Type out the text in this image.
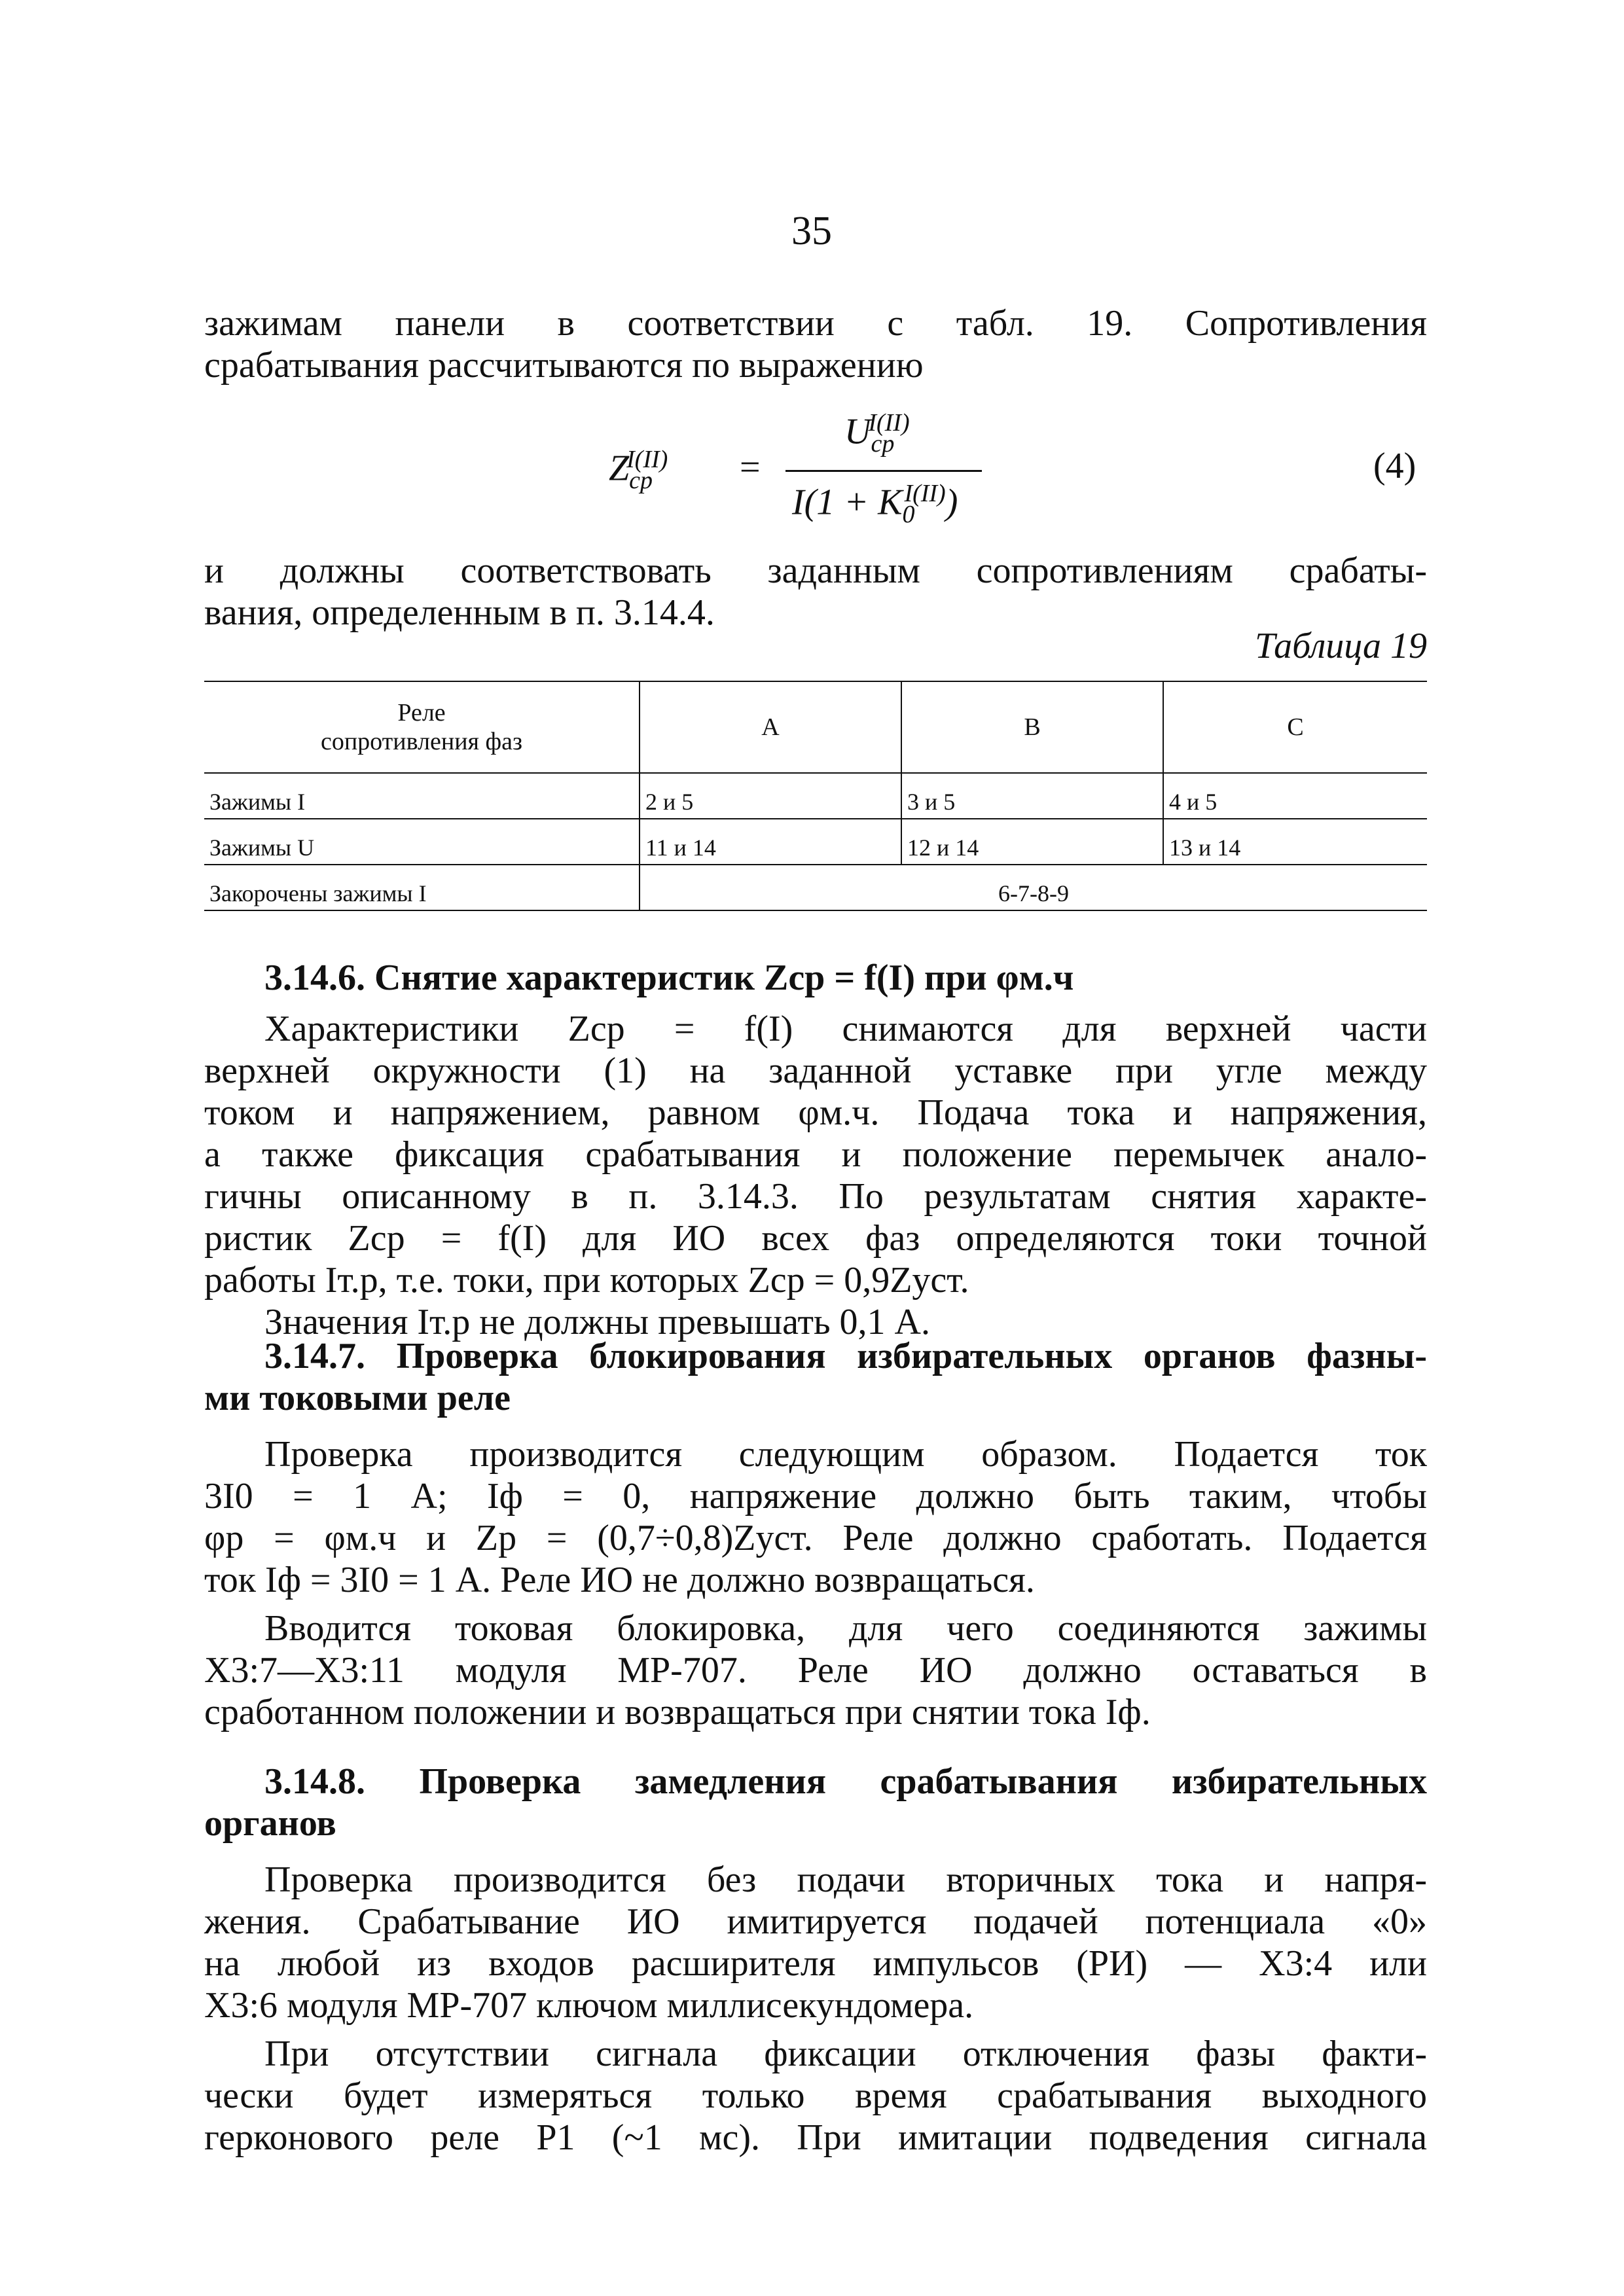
35

зажимам панели в соответствии с табл. 19. Сопротивления
срабатывания рассчитываются по выражению

$Z_{ср}^{I(II)}$ =
$U_{ср}^{I(II)}$
$I(1 + K_0^{I(II)})$
(4)

и должны соответствовать заданным сопротивлениям срабаты-
вания, определенным в п. 3.14.4.

Таблица 19
Реле
сопротивления фаз	А	В	С
Зажимы I	2 и 5	3 и 5	4 и 5
Зажимы U	11 и 14	12 и 14	13 и 14
Закорочены зажимы I	6-7-8-9		

3.14.6. Снятие характеристик Zср = f(I) при φм.ч

Характеристики Zср = f(I) снимаются для верхней части
верхней окружности (1) на заданной уставке при угле между
током и напряжением, равном φм.ч. Подача тока и напряжения,
а также фиксация срабатывания и положение перемычек анало-
гичны описанному в п. 3.14.3. По результатам снятия характе-
ристик Zср = f(I) для ИО всех фаз определяются токи точной
работы Iт.р, т.е. токи, при которых Zср = 0,9Zуст.
Значения Iт.р не должны превышать 0,1 А.

3.14.7. Проверка блокирования избирательных органов фазны-
ми токовыми реле

Проверка производится следующим образом. Подается ток
3I0 = 1 А; Iф = 0, напряжение должно быть таким, чтобы
φр = φм.ч и Zр = (0,7÷0,8)Zуст. Реле должно сработать. Подается
ток Iф = 3I0 = 1 А. Реле ИО не должно возвращаться.

Вводится токовая блокировка, для чего соединяются зажимы
Х3:7—Х3:11 модуля МР-707. Реле ИО должно оставаться в
сработанном положении и возвращаться при снятии тока Iф.

3.14.8. Проверка замедления срабатывания избирательных
органов

Проверка производится без подачи вторичных тока и напря-
жения. Срабатывание ИО имитируется подачей потенциала «0»
на любой из входов расширителя импульсов (РИ) — Х3:4 или
Х3:6 модуля МР-707 ключом миллисекундомера.

При отсутствии сигнала фиксации отключения фазы факти-
чески будет измеряться только время срабатывания выходного
герконового реле Р1 (~1 мс). При имитации подведения сигнала
